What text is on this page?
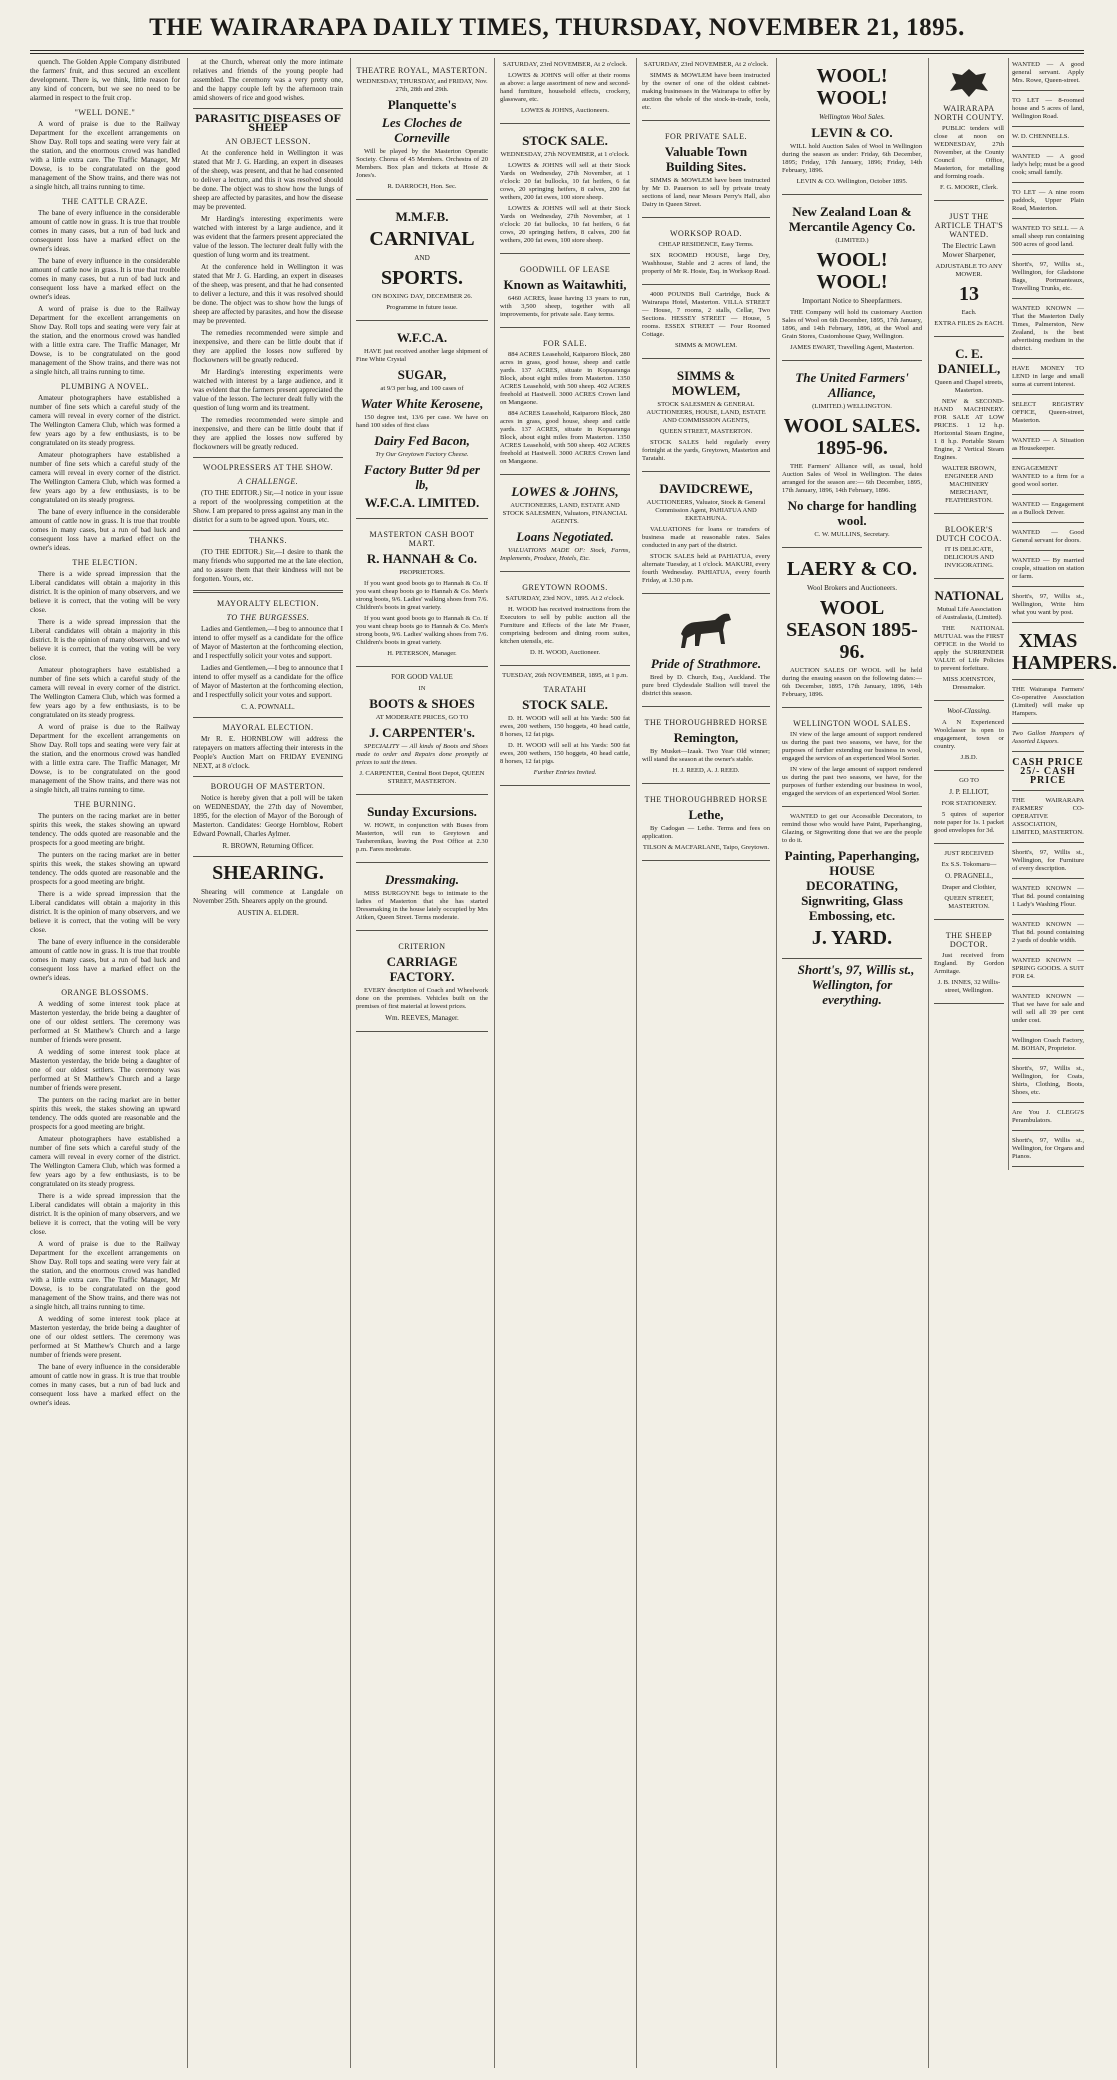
THE WAIRARAPA DAILY TIMES, THURSDAY, NOVEMBER 21, 1895.

quench. The Golden Apple Company distributed the farmers' fruit, and thus secured an excellent development. There is, we think, little reason for any kind of concern, but we see no need to be alarmed in respect to the fruit crop.

"WELL DONE."

A word of praise is due to the Railway Department for the excellent arrangements on Show Day. Roll tops and seating were very fair at the station, and the enormous crowd was handled with a little extra care. The Traffic Manager, Mr Dowse, is to be congratulated on the good management of the Show trains, and there was not a single hitch, all trains running to time.

THE CATTLE CRAZE.

The bane of every influence in the considerable amount of cattle now in grass. It is true that trouble comes in many cases, but a run of bad luck and consequent loss have a marked effect on the owner's ideas.

The bane of every influence in the considerable amount of cattle now in grass. It is true that trouble comes in many cases, but a run of bad luck and consequent loss have a marked effect on the owner's ideas.

A word of praise is due to the Railway Department for the excellent arrangements on Show Day. Roll tops and seating were very fair at the station, and the enormous crowd was handled with a little extra care. The Traffic Manager, Mr Dowse, is to be congratulated on the good management of the Show trains, and there was not a single hitch, all trains running to time.

PLUMBING A NOVEL.

Amateur photographers have established a number of fine sets which a careful study of the camera will reveal in every corner of the district. The Wellington Camera Club, which was formed a few years ago by a few enthusiasts, is to be congratulated on its steady progress.

Amateur photographers have established a number of fine sets which a careful study of the camera will reveal in every corner of the district. The Wellington Camera Club, which was formed a few years ago by a few enthusiasts, is to be congratulated on its steady progress.

The bane of every influence in the considerable amount of cattle now in grass. It is true that trouble comes in many cases, but a run of bad luck and consequent loss have a marked effect on the owner's ideas.

THE ELECTION.

There is a wide spread impression that the Liberal candidates will obtain a majority in this district. It is the opinion of many observers, and we believe it is correct, that the voting will be very close.

There is a wide spread impression that the Liberal candidates will obtain a majority in this district. It is the opinion of many observers, and we believe it is correct, that the voting will be very close.

Amateur photographers have established a number of fine sets which a careful study of the camera will reveal in every corner of the district. The Wellington Camera Club, which was formed a few years ago by a few enthusiasts, is to be congratulated on its steady progress.

A word of praise is due to the Railway Department for the excellent arrangements on Show Day. Roll tops and seating were very fair at the station, and the enormous crowd was handled with a little extra care. The Traffic Manager, Mr Dowse, is to be congratulated on the good management of the Show trains, and there was not a single hitch, all trains running to time.

THE BURNING.

The punters on the racing market are in better spirits this week, the stakes showing an upward tendency. The odds quoted are reasonable and the prospects for a good meeting are bright.

The punters on the racing market are in better spirits this week, the stakes showing an upward tendency. The odds quoted are reasonable and the prospects for a good meeting are bright.

There is a wide spread impression that the Liberal candidates will obtain a majority in this district. It is the opinion of many observers, and we believe it is correct, that the voting will be very close.

The bane of every influence in the considerable amount of cattle now in grass. It is true that trouble comes in many cases, but a run of bad luck and consequent loss have a marked effect on the owner's ideas.

ORANGE BLOSSOMS.

A wedding of some interest took place at Masterton yesterday, the bride being a daughter of one of our oldest settlers. The ceremony was performed at St Matthew's Church and a large number of friends were present.

A wedding of some interest took place at Masterton yesterday, the bride being a daughter of one of our oldest settlers. The ceremony was performed at St Matthew's Church and a large number of friends were present.

The punters on the racing market are in better spirits this week, the stakes showing an upward tendency. The odds quoted are reasonable and the prospects for a good meeting are bright.

Amateur photographers have established a number of fine sets which a careful study of the camera will reveal in every corner of the district. The Wellington Camera Club, which was formed a few years ago by a few enthusiasts, is to be congratulated on its steady progress.

There is a wide spread impression that the Liberal candidates will obtain a majority in this district. It is the opinion of many observers, and we believe it is correct, that the voting will be very close.

A word of praise is due to the Railway Department for the excellent arrangements on Show Day. Roll tops and seating were very fair at the station, and the enormous crowd was handled with a little extra care. The Traffic Manager, Mr Dowse, is to be congratulated on the good management of the Show trains, and there was not a single hitch, all trains running to time.

A wedding of some interest took place at Masterton yesterday, the bride being a daughter of one of our oldest settlers. The ceremony was performed at St Matthew's Church and a large number of friends were present.

The bane of every influence in the considerable amount of cattle now in grass. It is true that trouble comes in many cases, but a run of bad luck and consequent loss have a marked effect on the owner's ideas.

at the Church, whereat only the more intimate relatives and friends of the young people had assembled. The ceremony was a very pretty one, and the happy couple left by the afternoon train amid showers of rice and good wishes.

PARASITIC DISEASES OF SHEEP
AN OBJECT LESSON.

At the conference held in Wellington it was stated that Mr J. G. Harding, an expert in diseases of the sheep, was present, and that he had consented to deliver a lecture, and this it was resolved should be done. The object was to show how the lungs of sheep are affected by parasites, and how the disease may be prevented.

Mr Harding's interesting experiments were watched with interest by a large audience, and it was evident that the farmers present appreciated the value of the lesson. The lecturer dealt fully with the question of lung worm and its treatment.

At the conference held in Wellington it was stated that Mr J. G. Harding, an expert in diseases of the sheep, was present, and that he had consented to deliver a lecture, and this it was resolved should be done. The object was to show how the lungs of sheep are affected by parasites, and how the disease may be prevented.

The remedies recommended were simple and inexpensive, and there can be little doubt that if they are applied the losses now suffered by flockowners will be greatly reduced.

Mr Harding's interesting experiments were watched with interest by a large audience, and it was evident that the farmers present appreciated the value of the lesson. The lecturer dealt fully with the question of lung worm and its treatment.

The remedies recommended were simple and inexpensive, and there can be little doubt that if they are applied the losses now suffered by flockowners will be greatly reduced.

WOOLPRESSERS AT THE SHOW.
A CHALLENGE.

(TO THE EDITOR.) Sir,—I notice in your issue a report of the woolpressing competition at the Show. I am prepared to press against any man in the district for a sum to be agreed upon. Yours, etc.

THANKS.

(TO THE EDITOR.) Sir,—I desire to thank the many friends who supported me at the late election, and to assure them that their kindness will not be forgotten. Yours, etc.

MAYORALTY ELECTION.
TO THE BURGESSES.

Ladies and Gentlemen,—I beg to announce that I intend to offer myself as a candidate for the office of Mayor of Masterton at the forthcoming election, and I respectfully solicit your votes and support.

Ladies and Gentlemen,—I beg to announce that I intend to offer myself as a candidate for the office of Mayor of Masterton at the forthcoming election, and I respectfully solicit your votes and support.

C. A. POWNALL.

MAYORAL ELECTION.

Mr R. E. HORNBLOW will address the ratepayers on matters affecting their interests in the People's Auction Mart on FRIDAY EVENING NEXT, at 8 o'clock.

BOROUGH OF MASTERTON.

Notice is hereby given that a poll will be taken on WEDNESDAY, the 27th day of November, 1895, for the election of Mayor of the Borough of Masterton. Candidates: George Hornblow, Robert Edward Pownall, Charles Aylmer.

R. BROWN, Returning Officer.

SHEARING.

Shearing will commence at Langdale on November 25th. Shearers apply on the ground.

AUSTIN A. ELDER.

THEATRE ROYAL, MASTERTON.

WEDNESDAY, THURSDAY, and FRIDAY, Nov. 27th, 28th and 29th.

Planquette's
Les Cloches de Corneville

Will be played by the Masterton Operatic Society. Chorus of 45 Members. Orchestra of 20 Members. Box plan and tickets at Hosie & Jones's.

R. DARROCH, Hon. Sec.

M.M.F.B.
CARNIVAL

AND

SPORTS.

ON BOXING DAY, DECEMBER 26.

Programme in future issue.

W.F.C.A.

HAVE just received another large shipment of Fine White Crystal

SUGAR,

at 9/3 per bag, and 100 cases of

Water White Kerosene,

150 degree test, 13/6 per case. We have on hand 100 sides of first class

Dairy Fed Bacon,

Try Our Greytown Factory Cheese.

Factory Butter 9d per lb,
W.F.C.A. LIMITED.
MASTERTON CASH BOOT MART.
R. HANNAH & Co.

PROPRIETORS.

If you want good boots go to Hannah & Co. If you want cheap boots go to Hannah & Co. Men's strong boots, 9/6. Ladies' walking shoes from 7/6. Children's boots in great variety.

If you want good boots go to Hannah & Co. If you want cheap boots go to Hannah & Co. Men's strong boots, 9/6. Ladies' walking shoes from 7/6. Children's boots in great variety.

H. PETERSON, Manager.

FOR GOOD VALUE

IN

BOOTS & SHOES

AT MODERATE PRICES, GO TO

J. CARPENTER's.

SPECIALITY — All kinds of Boots and Shoes made to order and Repairs done promptly at prices to suit the times.

J. CARPENTER, Central Boot Depot, QUEEN STREET, MASTERTON.

Sunday Excursions.

W. HOWE, in conjunction with Buses from Masterton, will run to Greytown and Tauherenikau, leaving the Post Office at 2.30 p.m. Fares moderate.

Dressmaking.

MISS BURGOYNE begs to intimate to the ladies of Masterton that she has started Dressmaking in the house lately occupied by Mrs Aitken, Queen Street. Terms moderate.

CRITERION
CARRIAGE FACTORY.

EVERY description of Coach and Wheelwork done on the premises. Vehicles built on the premises of first material at lowest prices.

Wm. REEVES, Manager.

SATURDAY, 23rd NOVEMBER, At 2 o'clock.

LOWES & JOHNS will offer at their rooms as above: a large assortment of new and second-hand furniture, household effects, crockery, glassware, etc.

LOWES & JOHNS, Auctioneers.

STOCK SALE.

WEDNESDAY, 27th NOVEMBER, at 1 o'clock.

LOWES & JOHNS will sell at their Stock Yards on Wednesday, 27th November, at 1 o'clock: 20 fat bullocks, 10 fat heifers, 6 fat cows, 20 springing heifers, 8 calves, 200 fat wethers, 200 fat ewes, 100 store sheep.

LOWES & JOHNS will sell at their Stock Yards on Wednesday, 27th November, at 1 o'clock: 20 fat bullocks, 10 fat heifers, 6 fat cows, 20 springing heifers, 8 calves, 200 fat wethers, 200 fat ewes, 100 store sheep.

GOODWILL OF LEASE
Known as Waitawhiti,

6460 ACRES, lease having 13 years to run, with 3,500 sheep, together with all improvements, for private sale. Easy terms.

FOR SALE.

884 ACRES Leasehold, Kaiparoro Block, 280 acres in grass, good house, sheep and cattle yards. 137 ACRES, situate in Kopuaranga Block, about eight miles from Masterton. 1350 ACRES Leasehold, with 500 sheep. 402 ACRES freehold at Hastwell. 3000 ACRES Crown land on Mangaone.

884 ACRES Leasehold, Kaiparoro Block, 280 acres in grass, good house, sheep and cattle yards. 137 ACRES, situate in Kopuaranga Block, about eight miles from Masterton. 1350 ACRES Leasehold, with 500 sheep. 402 ACRES freehold at Hastwell. 3000 ACRES Crown land on Mangaone.

LOWES & JOHNS,

AUCTIONEERS, LAND, ESTATE AND STOCK SALESMEN, Valuators, FINANCIAL AGENTS.

Loans Negotiated.

VALUATIONS MADE OF: Stock, Farms, Implements, Produce, Hotels, Etc.

GREYTOWN ROOMS.

SATURDAY, 23rd NOV., 1895. At 2 o'clock.

H. WOOD has received instructions from the Executors to sell by public auction all the Furniture and Effects of the late Mr Fraser, comprising bedroom and dining room suites, kitchen utensils, etc.

D. H. WOOD, Auctioneer.

TUESDAY, 26th NOVEMBER, 1895, at 1 p.m.

TARATAHI
STOCK SALE.

D. H. WOOD will sell at his Yards: 500 fat ewes, 200 wethers, 150 hoggets, 40 head cattle, 8 horses, 12 fat pigs.

D. H. WOOD will sell at his Yards: 500 fat ewes, 200 wethers, 150 hoggets, 40 head cattle, 8 horses, 12 fat pigs.

Further Entries Invited.

SATURDAY, 23rd NOVEMBER, At 2 o'clock.

SIMMS & MOWLEM have been instructed by the owner of one of the oldest cabinet-making businesses in the Wairarapa to offer by auction the whole of the stock-in-trade, tools, etc.

FOR PRIVATE SALE.
Valuable Town Building Sites.

SIMMS & MOWLEM have been instructed by Mr D. Pauerson to sell by private treaty sections of land, near Messrs Perry's Hall, also Dairy in Queen Street.

WORKSOP ROAD.

CHEAP RESIDENCE, Easy Terms.

SIX ROOMED HOUSE, large Dry, Washhouse, Stable and 2 acres of land, the property of Mr R. Hosie, Esq. in Worksop Road.

4000 POUNDS Bull Cartridge, Buck & Wairarapa Hotel, Masterton. VILLA STREET — House, 7 rooms, 2 stalls, Cellar, Two Sections. HESSEY STREET — House, 5 rooms. ESSEX STREET — Four Roomed Cottage.

SIMMS & MOWLEM.

SIMMS & MOWLEM,

STOCK SALESMEN & GENERAL AUCTIONEERS, HOUSE, LAND, ESTATE AND COMMISSION AGENTS,

QUEEN STREET, MASTERTON.

STOCK SALES held regularly every fortnight at the yards, Greytown, Masterton and Taratahi.

DAVIDCREWE,

AUCTIONEERS, Valuator, Stock & General Commission Agent, PAHIATUA AND EKETAHUNA.

VALUATIONS for loans or transfers of business made at reasonable rates. Sales conducted in any part of the district.

STOCK SALES held at PAHIATUA, every alternate Tuesday, at 1 o'clock. MAKURI, every fourth Wednesday. PAHIATUA, every fourth Friday, at 1.30 p.m.

Pride of Strathmore.

Bred by D. Church, Esq., Auckland. The pure bred Clydesdale Stallion will travel the district this season.

THE THOROUGHBRED HORSE
Remington,

By Musket—Izaak. Two Year Old winner; will stand the season at the owner's stable.

H. J. REED, A. J. REED.

THE THOROUGHBRED HORSE
Lethe,

By Cadogan — Lethe. Terms and fees on application.

TILSON & MACFARLANE, Taipo, Greytown.

WOOL! WOOL!

Wellington Wool Sales.

LEVIN & CO.

WILL hold Auction Sales of Wool in Wellington during the season as under: Friday, 6th December, 1895; Friday, 17th January, 1896; Friday, 14th February, 1896.

LEVIN & CO. Wellington, October 1895.

New Zealand Loan & Mercantile Agency Co.

(LIMITED.)

WOOL! WOOL!

Important Notice to Sheepfarmers.

THE Company will hold its customary Auction Sales of Wool on 6th December, 1895, 17th January, 1896, and 14th February, 1896, at the Wool and Grain Stores, Customhouse Quay, Wellington.

JAMES EWART, Travelling Agent, Masterton.

The United Farmers' Alliance,

(LIMITED.) WELLINGTON.

WOOL SALES. 1895-96.

THE Farmers' Alliance will, as usual, hold Auction Sales of Wool in Wellington. The dates arranged for the season are:— 6th December, 1895, 17th January, 1896, 14th February, 1896.

No charge for handling wool.

C. W. MULLINS, Secretary.

LAERY & CO.

Wool Brokers and Auctioneers.

WOOL SEASON 1895-96.

AUCTION SALES OF WOOL will be held during the ensuing season on the following dates:— 6th December, 1895, 17th January, 1896, 14th February, 1896.

WELLINGTON WOOL SALES.

IN view of the large amount of support rendered us during the past two seasons, we have, for the purposes of further extending our business in wool, engaged the services of an experienced Wool Sorter.

IN view of the large amount of support rendered us during the past two seasons, we have, for the purposes of further extending our business in wool, engaged the services of an experienced Wool Sorter.

WANTED to get our Accessible Decorators, to remind those who would have Paint, Paperhanging, Glazing, or Signwriting done that we are the people to do it.

Painting, Paperhanging, HOUSE DECORATING, Signwriting, Glass Embossing, etc.
J. YARD.

Shortt's, 97, Willis st., Wellington, for everything.

WAIRARAPA NORTH COUNTY.

PUBLIC tenders will close at noon on WEDNESDAY, 27th November, at the County Council Office, Masterton, for metalling and forming roads.

F. G. MOORE, Clerk.

JUST THE ARTICLE THAT'S WANTED.

The Electric Lawn Mower Sharpener,

ADJUSTABLE TO ANY MOWER.

13

Each.

EXTRA FILES 2s EACH.

C. E. DANIELL,

Queen and Chapel streets, Masterton.

NEW & SECOND-HAND MACHINERY. FOR SALE AT LOW PRICES. 1 12 h.p. Horizontal Steam Engine, 1 8 h.p. Portable Steam Engine, 2 Vertical Steam Engines.

WALTER BROWN, ENGINEER AND MACHINERY MERCHANT, FEATHERSTON.

BLOOKER'S DUTCH COCOA.

IT IS DELICATE, DELICIOUS AND INVIGORATING.

NATIONAL

Mutual Life Association of Australasia, (Limited).

THE NATIONAL MUTUAL was the FIRST OFFICE in the World to apply the SURRENDER VALUE of Life Policies to prevent forfeiture.

MISS JOHNSTON, Dressmaker.

Wool-Classing.

A N Experienced Woolclasser is open to engagement, town or country.

J.B.D.

GO TO

J. P. ELLIOT,

FOR STATIONERY.

5 quires of superior note paper for 1s. 1 packet good envelopes for 3d.

JUST RECEIVED

Ex S.S. Tokomaru—

O. PRAGNELL,

Draper and Clothier,

QUEEN STREET, MASTERTON.

THE SHEEP DOCTOR.

Just received from England. By Gordon Armitage.

J. B. INNES, 32 Willis-street, Wellington.

WANTED — A good general servant. Apply Mrs. Rowe, Queen-street.
TO LET — 8-roomed house and 5 acres of land, Wellington Road.
W. D. CHENNELLS.
WANTED — A good lady's help; must be a good cook; small family.
TO LET — A nine room paddock, Upper Plain Road, Masterton.
WANTED TO SELL — A small sheep run containing 500 acres of good land.
Shortt's, 97, Willis st., Wellington, for Gladstone Bags, Portmanteaux, Travelling Trunks, etc.
WANTED KNOWN — That the Masterton Daily Times, Palmerston, New Zealand, is the best advertising medium in the district.
HAVE MONEY TO LEND in large and small sums at current interest.
SELECT REGISTRY OFFICE, Queen-street, Masterton.
WANTED — A Situation as Housekeeper.
ENGAGEMENT WANTED to a firm for a good wool sorter.
WANTED — Engagement as a Bullock Driver.
WANTED — Good General servant for doors.
WANTED — By married couple, situation on station or farm.
Shortt's, 97, Willis st., Wellington, Write him what you want by post.
XMAS HAMPERS.
THE Wairarapa Farmers' Co-operative Association (Limited) will make up Hampers.
Two Gallon Hampers of Assorted Liquors.
CASH PRICE 25/- CASH PRICE
THE WAIRARAPA FARMERS' CO-OPERATIVE ASSOCIATION, LIMITED, MASTERTON.
Shortt's, 97, Willis st., Wellington, for Furniture of every description.
WANTED KNOWN — That 8d. pound containing 1 Lady's Washing Flour.
WANTED KNOWN — That 8d. pound containing 2 yards of double width.
WANTED KNOWN — SPRING GOODS. A SUIT FOR £4.
WANTED KNOWN — That we have for sale and will sell all 39 per cent under cost.
Wellington Coach Factory, M. BOHAN, Proprietor.
Shortt's, 97, Willis st., Wellington, for Coats, Shirts, Clothing, Boots, Shoes, etc.
Are You J. CLEGG'S Perambulators.
Shortt's, 97, Willis st., Wellington, for Organs and Pianos.
